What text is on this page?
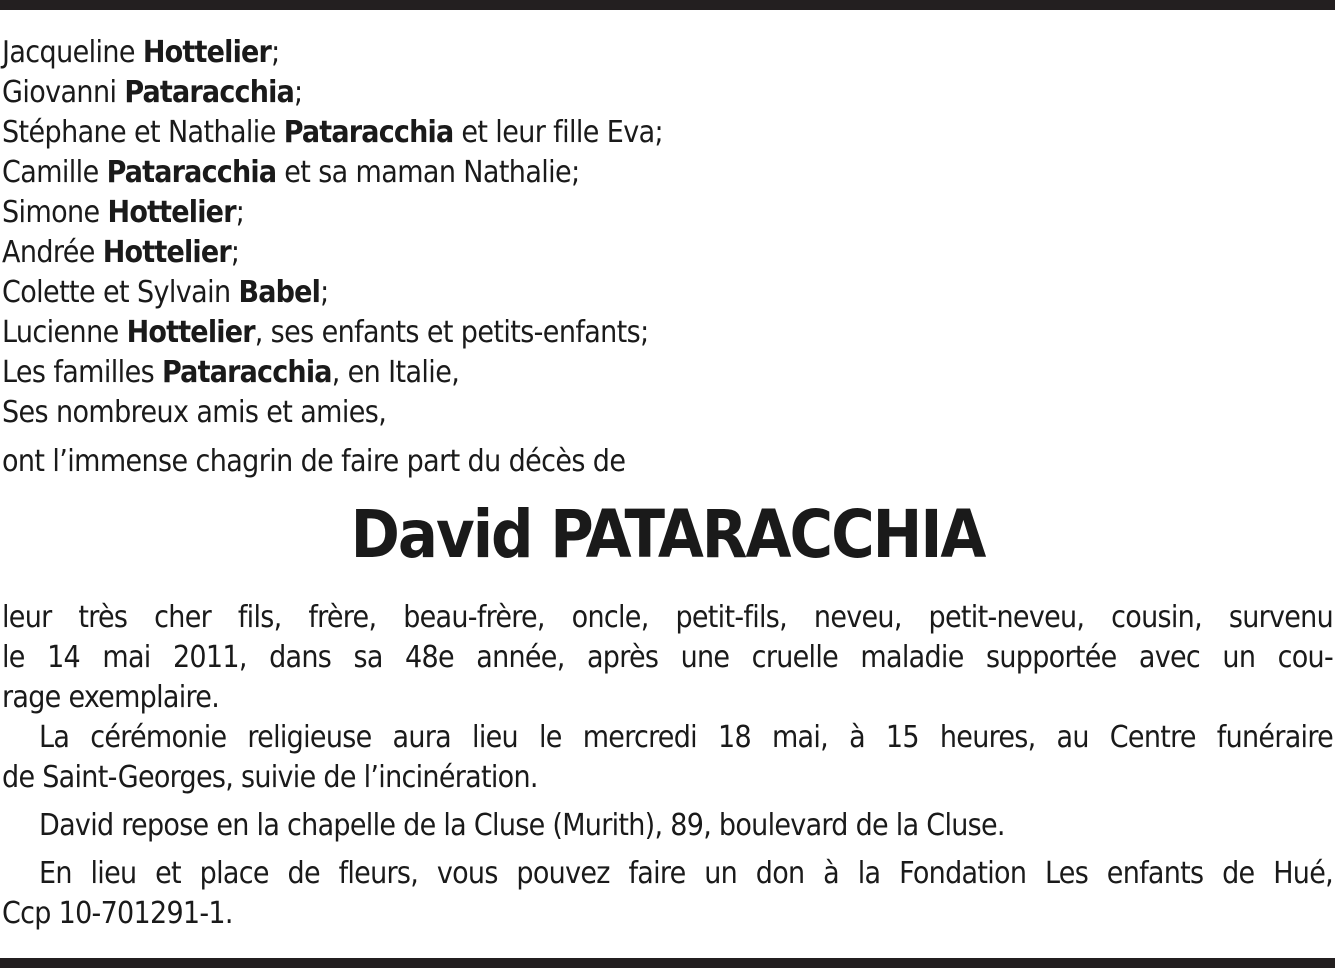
Jacqueline Hottelier;
Giovanni Pataracchia;
Stéphane et Nathalie Pataracchia et leur fille Eva;
Camille Pataracchia et sa maman Nathalie;
Simone Hottelier;
Andrée Hottelier;
Colette et Sylvain Babel;
Lucienne Hottelier, ses enfants et petits-enfants;
Les familles Pataracchia, en Italie,
Ses nombreux amis et amies,
ont l’immense chagrin de faire part du décès de
David PATARACCHIA

leur très cher fils, frère, beau-frère, oncle, petit-fils, neveu, petit-neveu, cousin, survenu
le 14 mai 2011, dans sa 48e année, après une cruelle maladie supportée avec un cou-
rage exemplaire.

La cérémonie religieuse aura lieu le mercredi 18 mai, à 15 heures, au Centre funéraire
de Saint-Georges, suivie de l’incinération.

David repose en la chapelle de la Cluse (Murith), 89, boulevard de la Cluse.

En lieu et place de fleurs, vous pouvez faire un don à la Fondation Les enfants de Hué,
Ccp 10-701291-1.
